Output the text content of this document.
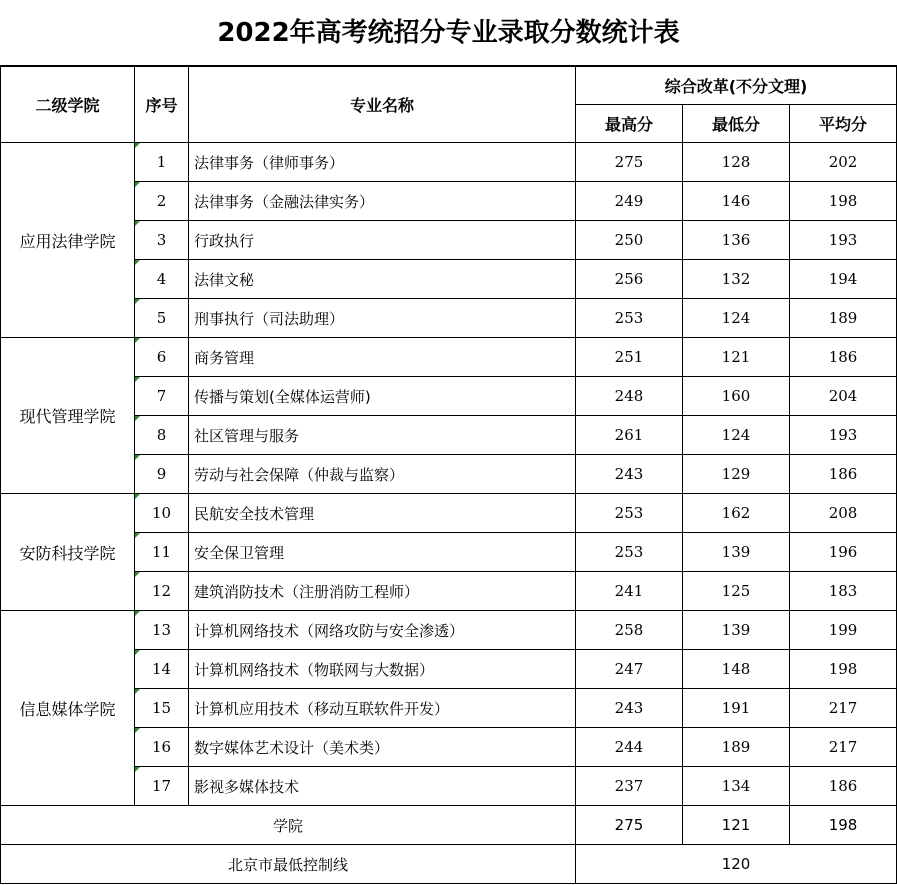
2022年高考统招分专业录取分数统计表
二级学院	序号	专业名称	综合改革(不分文理)		
			最高分	最低分	平均分
应用法律学院	1	法律事务（律师事务）	275	128	202

2	法律事务（金融法律实务）	249	146	198

3	行政执行	250	136	193

4	法律文秘	256	132	194

5	刑事执行（司法助理）	253	124	189
现代管理学院	6	商务管理	251	121	186

7	传播与策划(全媒体运营师)	248	160	204

8	社区管理与服务	261	124	193

9	劳动与社会保障（仲裁与监察）	243	129	186
安防科技学院	10	民航安全技术管理	253	162	208

11	安全保卫管理	253	139	196

12	建筑消防技术（注册消防工程师）	241	125	183
信息媒体学院	13	计算机网络技术（网络攻防与安全渗透）	258	139	199

14	计算机网络技术（物联网与大数据）	247	148	198

15	计算机应用技术（移动互联软件开发）	243	191	217

16	数字媒体艺术设计（美术类）	244	189	217

17	影视多媒体技术	237	134	186
学院			275	121	198
北京市最低控制线			120		
